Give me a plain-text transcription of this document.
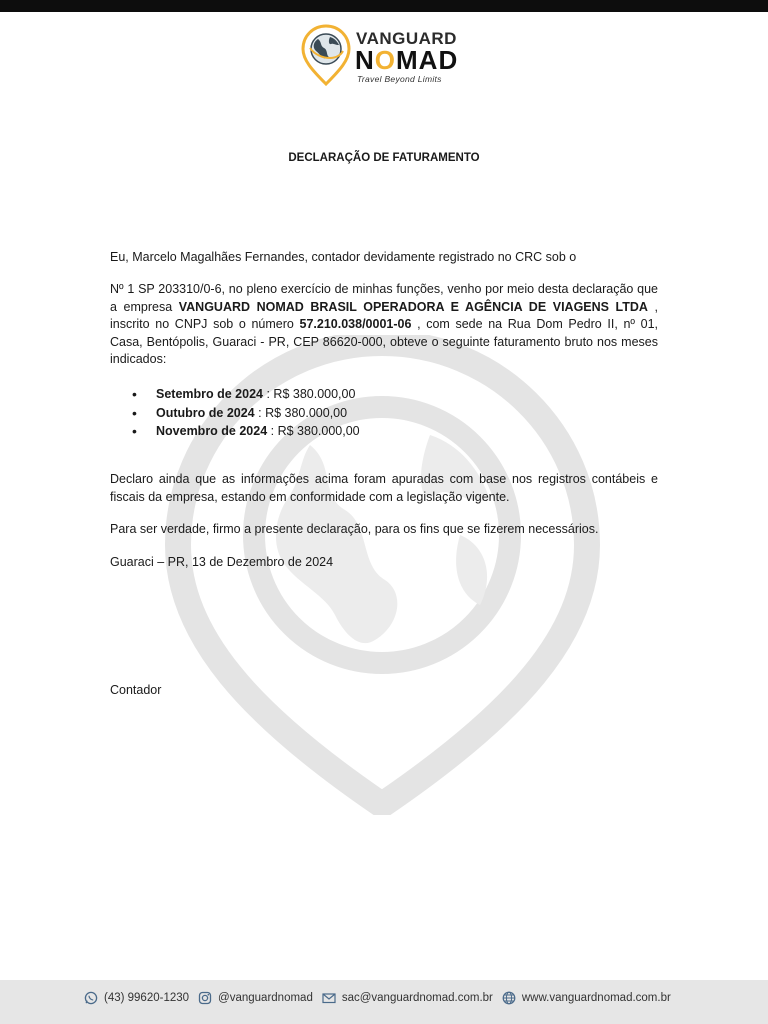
VANGUARD
NOMAD
Travel Beyond Limits
DECLARAÇÃO DE FATURAMENTO
Eu, Marcelo Magalhães Fernandes, contador devidamente registrado no CRC sob o
Nº 1 SP 203310/0-6, no pleno exercício de minhas funções, venho por meio desta declaração que a empresa VANGUARD NOMAD BRASIL OPERADORA E AGÊNCIA DE VIAGENS LTDA , inscrito no CNPJ sob o número 57.210.038/0001-06 , com sede na Rua Dom Pedro II, nº 01, Casa, Bentópolis, Guaraci - PR, CEP 86620-000, obteve o seguinte faturamento bruto nos meses indicados:
• Setembro de 2024 : R$ 380.000,00
• Outubro de 2024 : R$ 380.000,00
• Novembro de 2024 : R$ 380.000,00
Declaro ainda que as informações acima foram apuradas com base nos registros contábeis e fiscais da empresa, estando em conformidade com a legislação vigente.
Para ser verdade, firmo a presente declaração, para os fins que se fizerem necessários.
Guaraci – PR, 13 de Dezembro de 2024
Contador
(43) 99620-1230	@vanguardnomad	sac@vanguardnomad.com.br	www.vanguardnomad.com.br
